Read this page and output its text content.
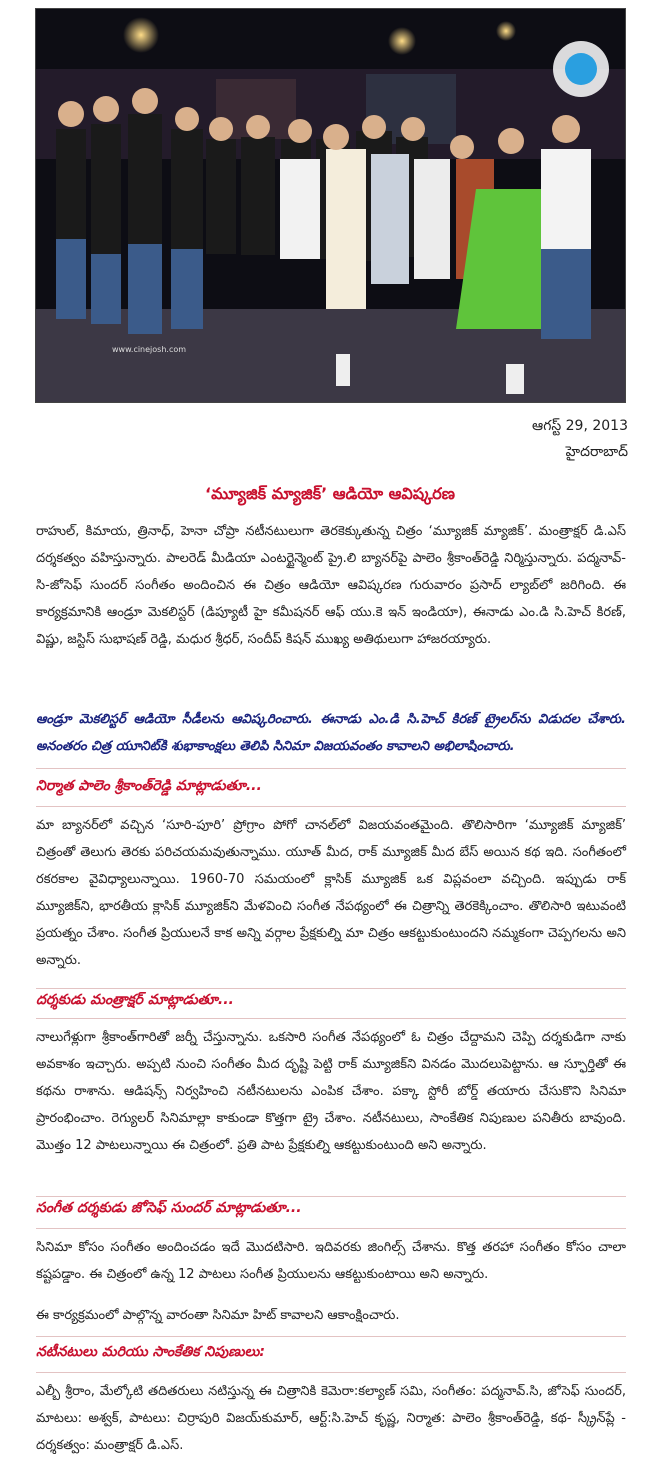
www.cinejosh.com
ఆగస్ట్ 29, 2013
హైదరాబాద్
‘మ్యూజిక్ మ్యాజిక్’ ఆడియో ఆవిష్కరణ
రాహుల్, కిమాయ, త్రినాధ్, హెనా చోప్రా నటీనటులుగా తెరకెక్కుతున్న చిత్రం ‘మ్యూజిక్ మ్యాజిక్’. మంత్రాక్షర్ డి.ఎస్ దర్శకత్వం వహిస్తున్నారు. పాలరెడ్ మీడియా ఎంటర్టైన్మెంట్ ప్రై.లి బ్యానర్‌పై పాలెం శ్రీకాంత్‌రెడ్డి నిర్మిస్తున్నారు. పద్మనావ్-సి-జోసెఫ్ సుందర్ సంగీతం అందించిన ఈ చిత్రం ఆడియో ఆవిష్కరణ గురువారం ప్రసాద్ ల్యాబ్‌లో జరిగింది. ఈ కార్యక్రమానికి ఆండ్రూ మెకలిస్టర్ (డిప్యూటీ హై కమీషనర్ ఆఫ్ యు.కె ఇన్ ఇండియా), ఈనాడు ఎం.డి సి.హెచ్ కిరణ్, విష్ణు, జస్టిస్ సుభాషణ్ రెడ్డి, మధుర శ్రీధర్, సందీప్ కిషన్ ముఖ్య అతిథులుగా హాజరయ్యారు.
ఆండ్రూ మెకలిస్టర్ ఆడియో సీడీలను ఆవిష్కరించారు. ఈనాడు ఎం.డి సి.హెచ్ కిరణ్ ట్రైలర్‌ను విడుదల చేశారు. అనంతరం చిత్ర యూనిట్‌కి శుభాకాంక్షలు తెలిపి సినిమా విజయవంతం కావాలని అభిలాషించారు.
నిర్మాత పాలెం శ్రీకాంత్‌రెడ్డి మాట్లాడుతూ...
మా బ్యానర్‌లో వచ్చిన ‘సూరి-పూరి’ ప్రోగ్రాం పోగో చానల్‌లో విజయవంతమైంది. తొలిసారిగా ‘మ్యూజిక్ మ్యాజిక్’ చిత్రంతో తెలుగు తెరకు పరిచయమవుతున్నాము. యూత్ మీద, రాక్ మ్యూజిక్ మీద బేస్ అయిన కథ ఇది. సంగీతంలో రకరకాల వైవిధ్యాలున్నాయి. 1960-70 సమయంలో క్లాసిక్ మ్యూజిక్ ఒక విప్లవంలా వచ్చింది. ఇప్పుడు రాక్ మ్యూజిక్‌ని, భారతీయ క్లాసిక్ మ్యూజిక్‌ని మేళవించి సంగీత నేపథ్యంలో ఈ చిత్రాన్ని తెరకెక్కించాం. తొలిసారి ఇటువంటి ప్రయత్నం చేశాం. సంగీత ప్రియులనే కాక అన్ని వర్గాల ప్రేక్షకుల్ని మా చిత్రం ఆకట్టుకుంటుందని నమ్మకంగా చెప్పగలను అని అన్నారు.
దర్శకుడు మంత్రాక్షర్ మాట్లాడుతూ...
నాలుగేళ్లుగా శ్రీకాంత్‌గారితో జర్నీ చేస్తున్నాను. ఒకసారి సంగీత నేపథ్యంలో ఓ చిత్రం చేద్దామని చెప్పి దర్శకుడిగా నాకు అవకాశం ఇచ్చారు. అప్పటి నుంచి సంగీతం మీద దృష్టి పెట్టి రాక్ మ్యూజిక్‌ని వినడం మొదలుపెట్టాను. ఆ స్ఫూర్తితో ఈ కథను రాశాను. ఆడిషన్స్ నిర్వహించి నటీనటులను ఎంపిక చేశాం. పక్కా స్టోరీ బోర్డ్ తయారు చేసుకొని సినిమా ప్రారంభించాం. రెగ్యులర్ సినిమాల్లా కాకుండా కొత్తగా ట్రై చేశాం. నటీనటులు, సాంకేతిక నిపుణుల పనితీరు బావుంది. మొత్తం 12 పాటలున్నాయి ఈ చిత్రంలో. ప్రతి పాట ప్రేక్షకుల్ని ఆకట్టుకుంటుంది అని అన్నారు.
సంగీత దర్శకుడు జోసెఫ్ సుందర్ మాట్లాడుతూ...
సినిమా కోసం సంగీతం అందించడం ఇదే మొదటిసారి. ఇదివరకు జింగిల్స్ చేశాను. కొత్త తరహా సంగీతం కోసం చాలా కష్టపడ్డాం. ఈ చిత్రంలో ఉన్న 12 పాటలు సంగీత ప్రియులను ఆకట్టుకుంటాయి అని అన్నారు.
ఈ కార్యక్రమంలో పాల్గొన్న వారంతా సినిమా హిట్ కావాలని ఆకాంక్షించారు.
నటీనటులు మరియు సాంకేతిక నిపుణులు:
ఎల్బీ శ్రీరాం, మేల్కోటి తదితరులు నటిస్తున్న ఈ చిత్రానికి కెమెరా:కల్యాణ్ సమి, సంగీతం: పద్మనావ్.సి, జోసెఫ్ సుందర్, మాటలు: అశ్వక్, పాటలు: చిర్రాపురి విజయ్‌కుమార్, ఆర్ట్:సి.హెచ్ కృష్ణ, నిర్మాత: పాలెం శ్రీకాంత్‌రెడ్డి, కథ- స్క్రీన్‌ప్లే - దర్శకత్వం: మంత్రాక్షర్ డి.ఎస్.
